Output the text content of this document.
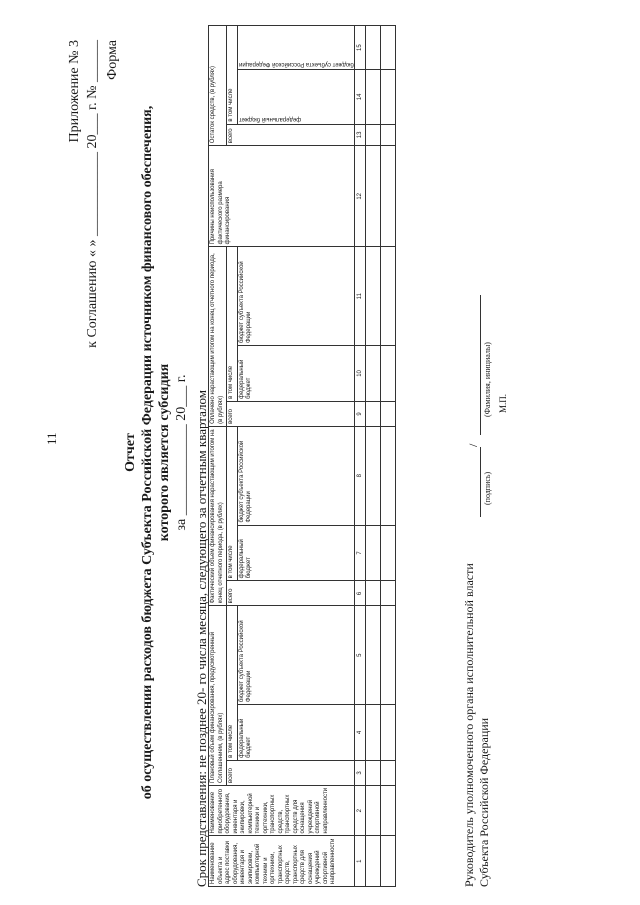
11
Приложение № 3
к Соглашению « » ____________ 20___ г. № ______ Форма
Отчет об осуществлении расходов бюджета Субъекта Российской Федерации источником финансового обеспечения, которого является субсидия за _____________ 20___ г. Срок представления: не позднее 20- го числа месяца, следующего за отчетным кварталом Наименование объекта и адрес поставки оборудования, инвентаря и экипировки, компьютерной техники и оргтехники, транспортных средств, транспортных средств для оснащения учреждений спортивной направленности	Наименование приобретенного оборудования, инвентаря и экипировки, компьютерной техники и оргтехники, транспортных средств, транспортных средств для оснащения учреждений спортивной направленности	Плановый объем финансирования, предусмотренный Соглашением, (в рублях)			Фактический объем финансирования нарастающим итогом на конец отчетного периода, (в рублях)			Оплачено нарастающим итогом на конец отчетного периода, (в рублях)			Причины неиспользования фактического размера финансирования	Остаток средств, (в рублях)		
		всего	в том числе		всего	в том числе		всего	в том числе			всего	в том числе	
			федеральный бюджет	бюджет субъекта Российской Федерации		федеральный бюджет	бюджет субъекта Российской Федерации		федеральный бюджет	бюджет субъекта Российской Федерации			федеральный бюджет	бюджет субъекта Российской Федерации

1	2	3	4	5	6	7	8	9	10	11	12	13	14	15

Руководитель уполномоченного органа исполнительной власти Субъекта Российской Федерации
/
(подпись)
(Фамилия, инициалы) М.П.
